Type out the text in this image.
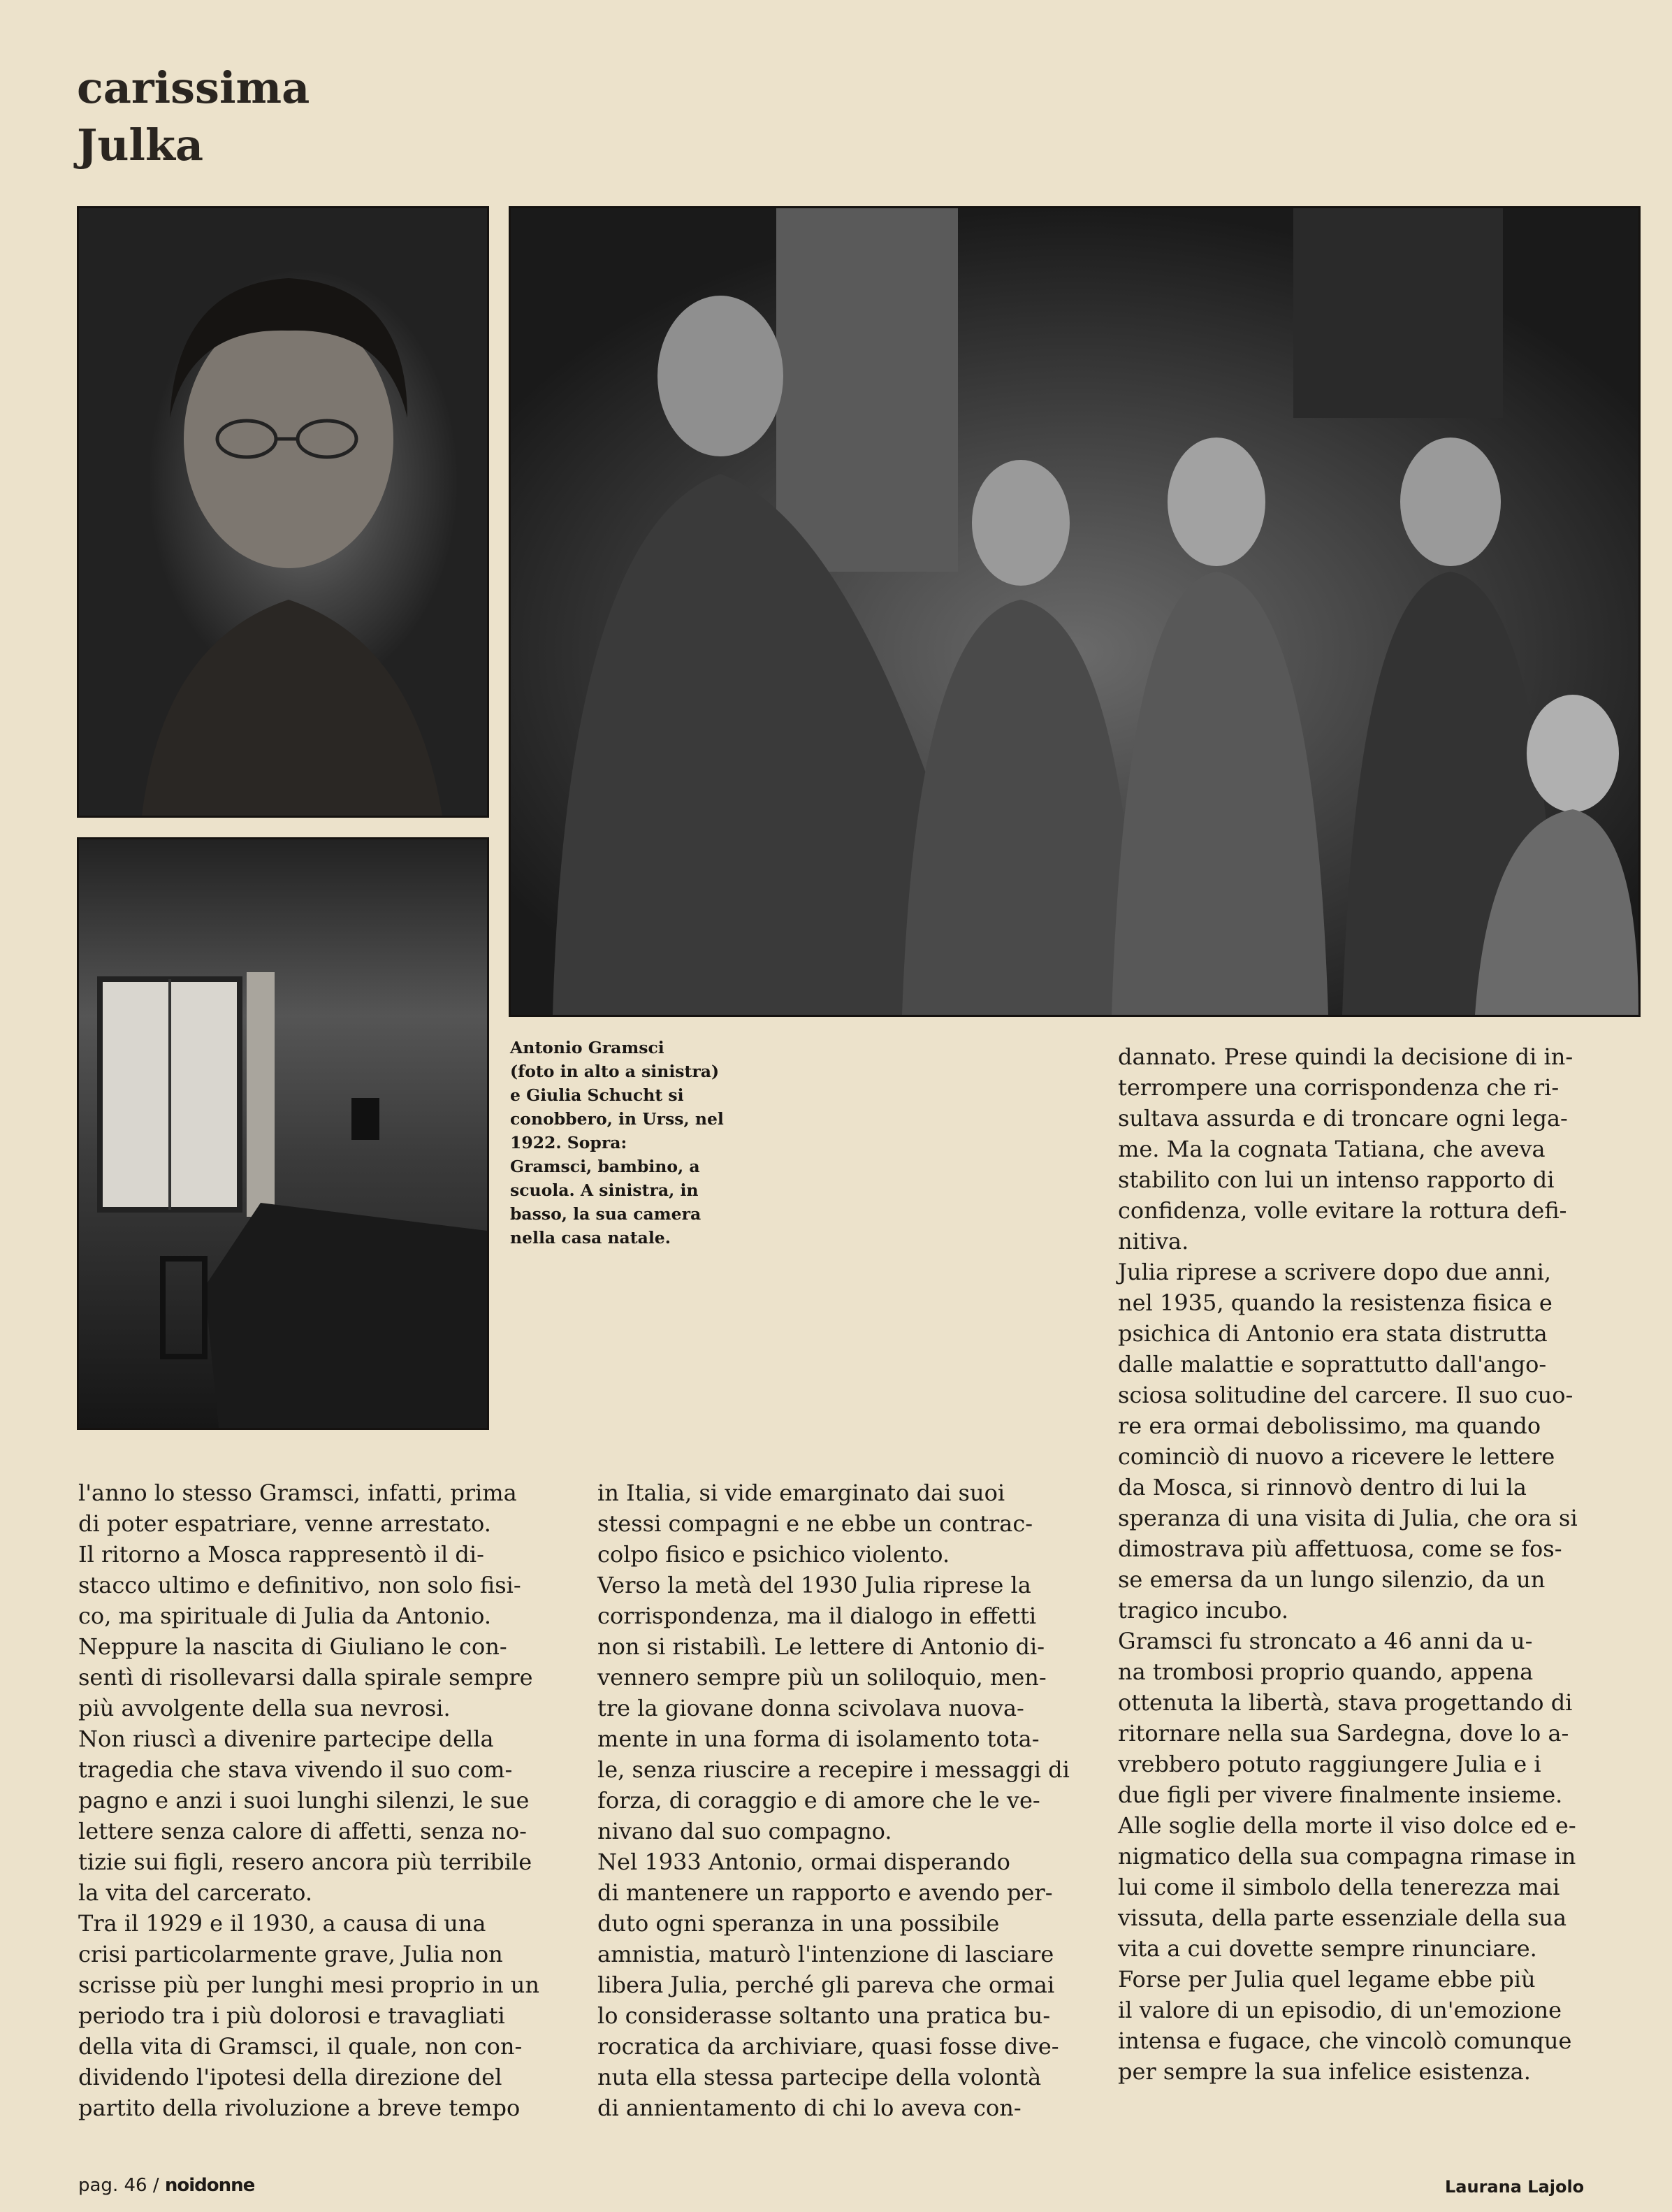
carissima
Julka
Antonio Gramsci
(foto in alto a sinistra)
e Giulia Schucht si
conobbero, in Urss, nel
1922. Sopra:
Gramsci, bambino, a
scuola. A sinistra, in
basso, la sua camera
nella casa natale.
l'anno lo stesso Gramsci, infatti, prima
di poter espatriare, venne arrestato.
Il ritorno a Mosca rappresentò il di-
stacco ultimo e definitivo, non solo fisi-
co, ma spirituale di Julia da Antonio.
Neppure la nascita di Giuliano le con-
sentì di risollevarsi dalla spirale sempre
più avvolgente della sua nevrosi.
Non riuscì a divenire partecipe della
tragedia che stava vivendo il suo com-
pagno e anzi i suoi lunghi silenzi, le sue
lettere senza calore di affetti, senza no-
tizie sui figli, resero ancora più terribile
la vita del carcerato.
Tra il 1929 e il 1930, a causa di una
crisi particolarmente grave, Julia non
scrisse più per lunghi mesi proprio in un
periodo tra i più dolorosi e travagliati
della vita di Gramsci, il quale, non con-
dividendo l'ipotesi della direzione del
partito della rivoluzione a breve tempo
in Italia, si vide emarginato dai suoi
stessi compagni e ne ebbe un contrac-
colpo fisico e psichico violento.
Verso la metà del 1930 Julia riprese la
corrispondenza, ma il dialogo in effetti
non si ristabilì. Le lettere di Antonio di-
vennero sempre più un soliloquio, men-
tre la giovane donna scivolava nuova-
mente in una forma di isolamento tota-
le, senza riuscire a recepire i messaggi di
forza, di coraggio e di amore che le ve-
nivano dal suo compagno.
Nel 1933 Antonio, ormai disperando
di mantenere un rapporto e avendo per-
duto ogni speranza in una possibile
amnistia, maturò l'intenzione di lasciare
libera Julia, perché gli pareva che ormai
lo considerasse soltanto una pratica bu-
rocratica da archiviare, quasi fosse dive-
nuta ella stessa partecipe della volontà
di annientamento di chi lo aveva con-
dannato. Prese quindi la decisione di in-
terrompere una corrispondenza che ri-
sultava assurda e di troncare ogni lega-
me. Ma la cognata Tatiana, che aveva
stabilito con lui un intenso rapporto di
confidenza, volle evitare la rottura defi-
nitiva.
Julia riprese a scrivere dopo due anni,
nel 1935, quando la resistenza fisica e
psichica di Antonio era stata distrutta
dalle malattie e soprattutto dall'ango-
sciosa solitudine del carcere. Il suo cuo-
re era ormai debolissimo, ma quando
cominciò di nuovo a ricevere le lettere
da Mosca, si rinnovò dentro di lui la
speranza di una visita di Julia, che ora si
dimostrava più affettuosa, come se fos-
se emersa da un lungo silenzio, da un
tragico incubo.
Gramsci fu stroncato a 46 anni da u-
na trombosi proprio quando, appena
ottenuta la libertà, stava progettando di
ritornare nella sua Sardegna, dove lo a-
vrebbero potuto raggiungere Julia e i
due figli per vivere finalmente insieme.
Alle soglie della morte il viso dolce ed e-
nigmatico della sua compagna rimase in
lui come il simbolo della tenerezza mai
vissuta, della parte essenziale della sua
vita a cui dovette sempre rinunciare.
Forse per Julia quel legame ebbe più
il valore di un episodio, di un'emozione
intensa e fugace, che vincolò comunque
per sempre la sua infelice esistenza.
Laurana Lajolo
pag. 46 / noidonne
